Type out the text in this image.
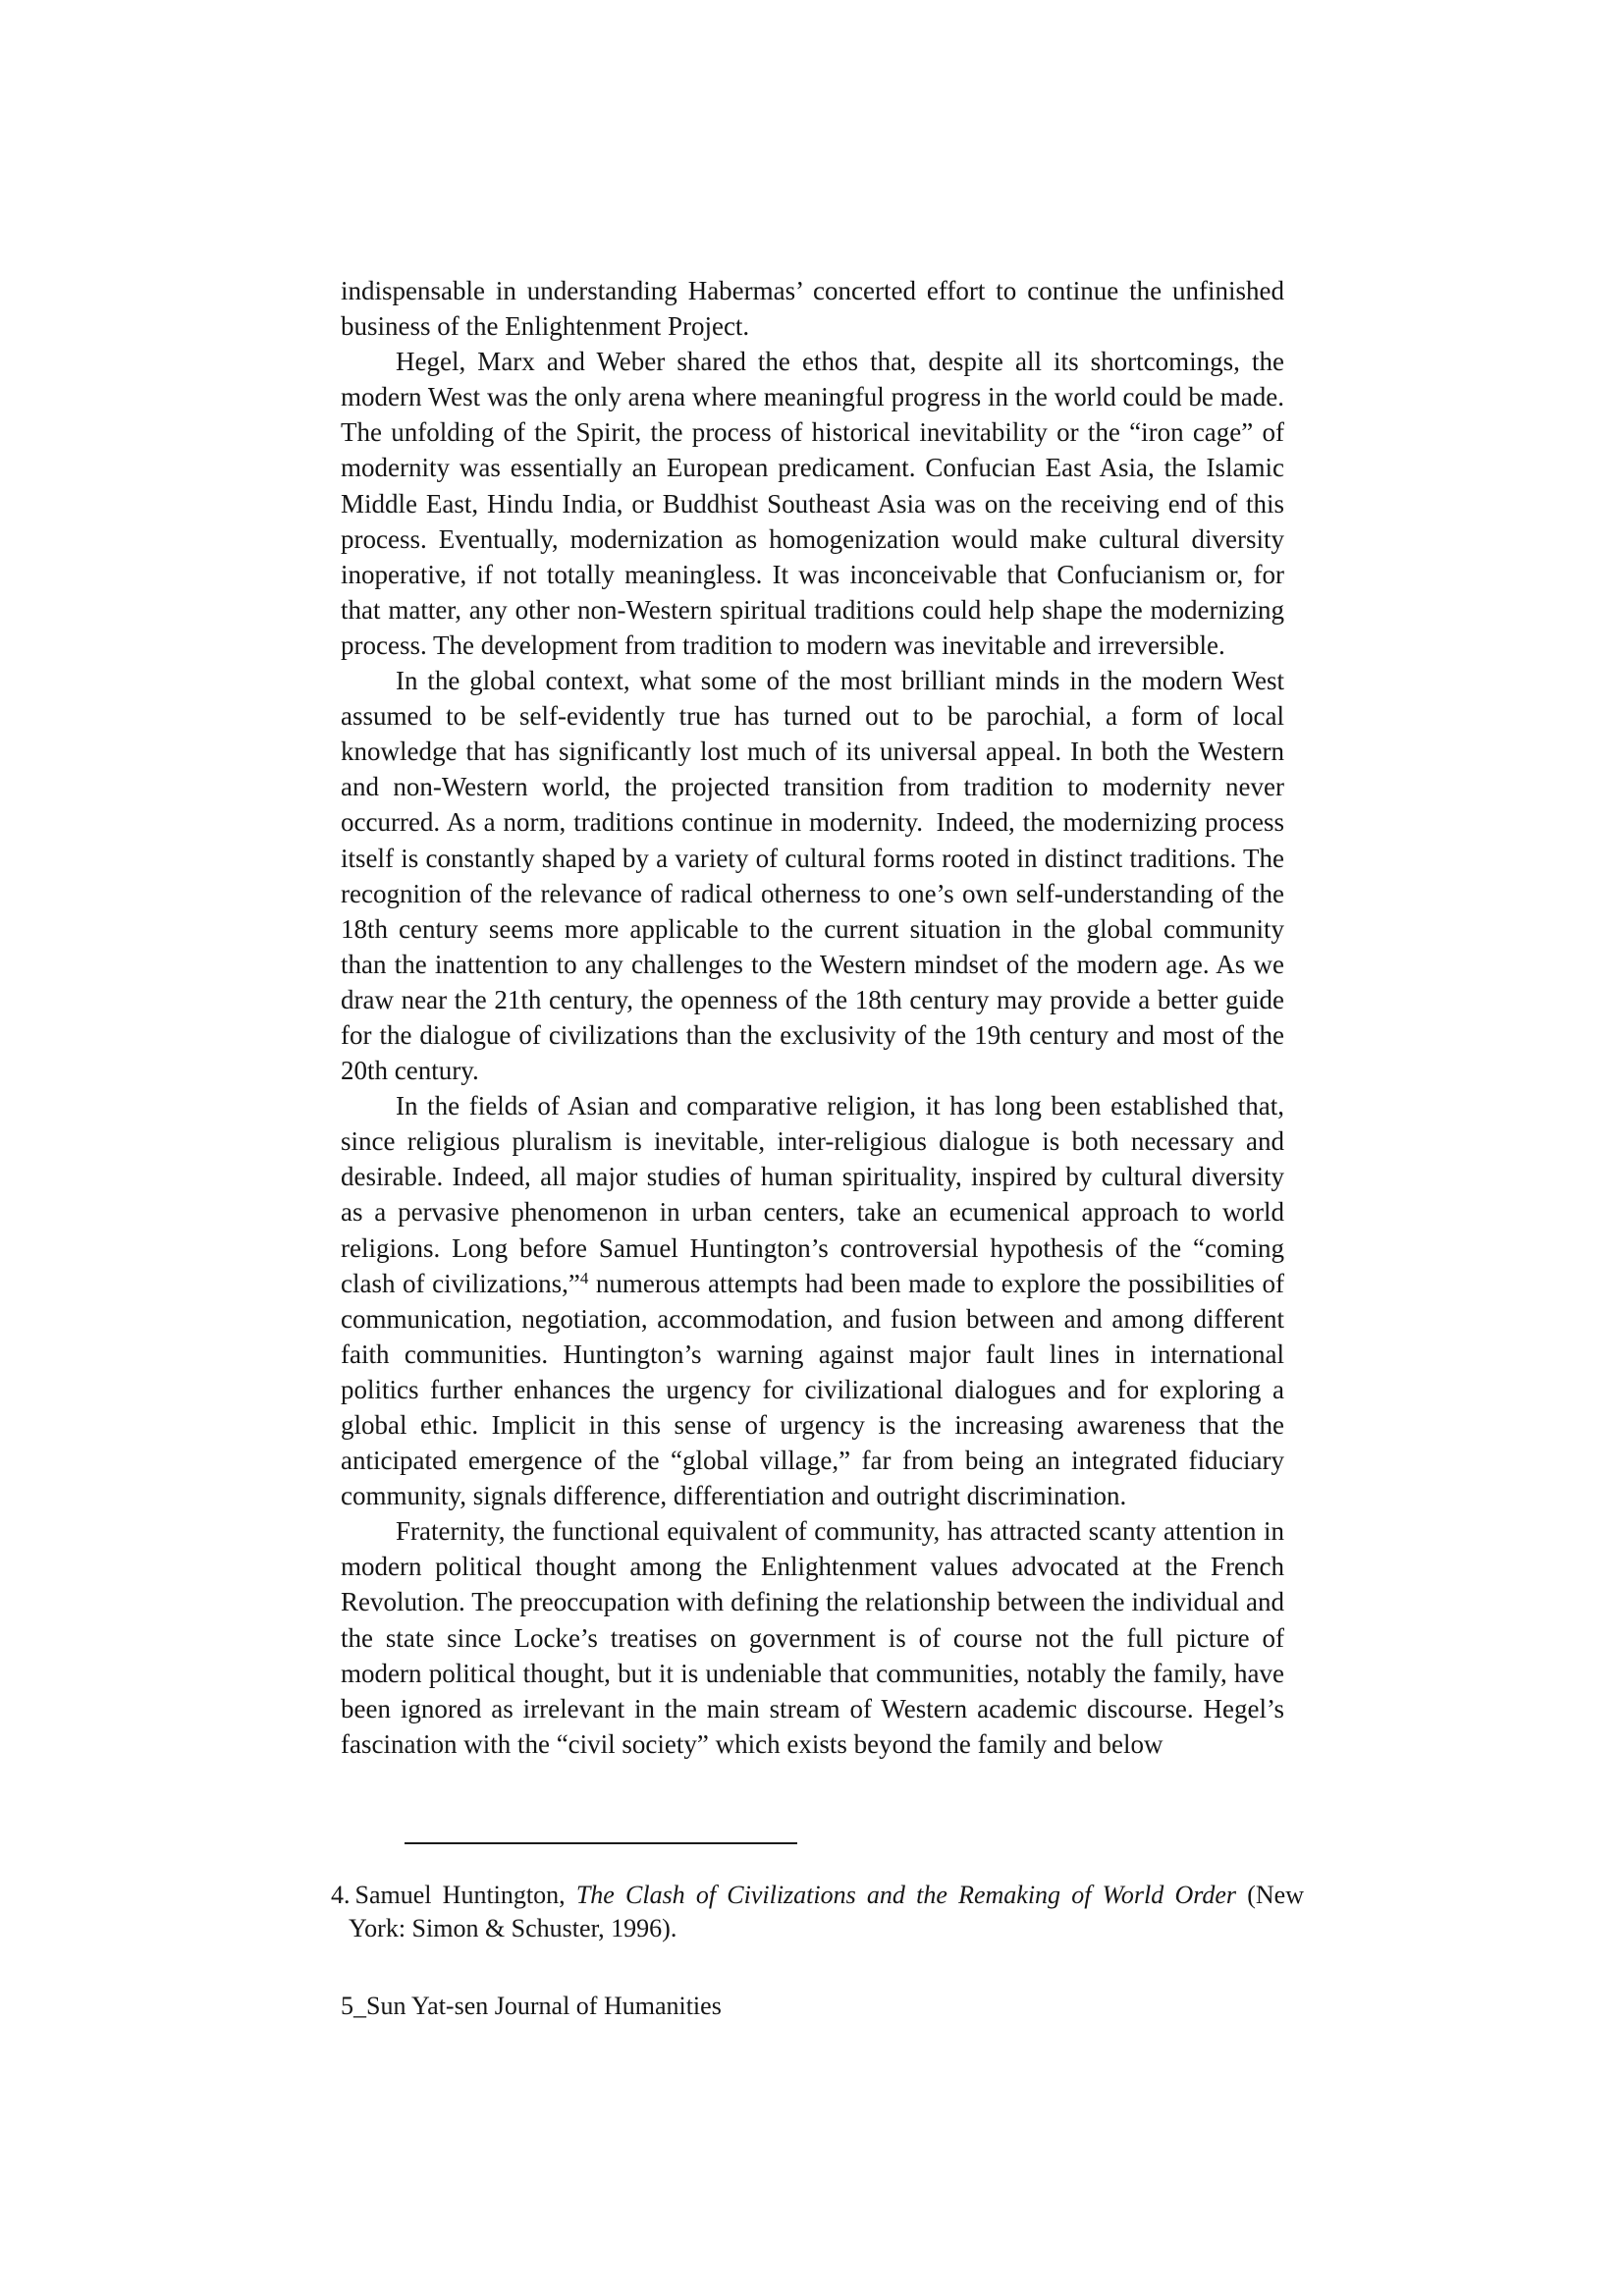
indispensable in understanding Habermas’ concerted effort to continue the unfinished business of the Enlightenment Project.

Hegel, Marx and Weber shared the ethos that, despite all its shortcomings, the modern West was the only arena where meaningful progress in the world could be made. The unfolding of the Spirit, the process of historical inevitability or the “iron cage” of modernity was essentially an European predicament. Confucian East Asia, the Islamic Middle East, Hindu India, or Buddhist Southeast Asia was on the receiving end of this process. Eventually, modernization as homogenization would make cultural diversity inoperative, if not totally meaningless. It was inconceivable that Confucianism or, for that matter, any other non-Western spiritual traditions could help shape the modernizing process. The development from tradition to modern was inevitable and irreversible.

In the global context, what some of the most brilliant minds in the modern West assumed to be self-evidently true has turned out to be parochial, a form of local knowledge that has significantly lost much of its universal appeal. In both the Western and non-Western world, the projected transition from tradition to modernity never occurred. As a norm, traditions continue in modernity. Indeed, the modernizing process itself is constantly shaped by a variety of cultural forms rooted in distinct traditions. The recognition of the relevance of radical otherness to one’s own self-understanding of the 18th century seems more applicable to the current situation in the global community than the inattention to any challenges to the Western mindset of the modern age. As we draw near the 21th century, the openness of the 18th century may provide a better guide for the dialogue of civilizations than the exclusivity of the 19th century and most of the 20th century.

In the fields of Asian and comparative religion, it has long been established that, since religious pluralism is inevitable, inter-religious dialogue is both necessary and desirable. Indeed, all major studies of human spirituality, inspired by cultural diversity as a pervasive phenomenon in urban centers, take an ecumenical approach to world religions. Long before Samuel Huntington’s controversial hypothesis of the “coming clash of civilizations,”$^4$ numerous attempts had been made to explore the possibilities of communication, negotiation, accommodation, and fusion between and among different faith communities. Huntington’s warning against major fault lines in international politics further enhances the urgency for civilizational dialogues and for exploring a global ethic. Implicit in this sense of urgency is the increasing awareness that the anticipated emergence of the “global village,” far from being an integrated fiduciary community, signals difference, differentiation and outright discrimination.

Fraternity, the functional equivalent of community, has attracted scanty attention in modern political thought among the Enlightenment values advocated at the French Revolution. The preoccupation with defining the relationship between the individual and the state since Locke’s treatises on government is of course not the full picture of modern political thought, but it is undeniable that communities, notably the family, have been ignored as irrelevant in the main stream of Western academic discourse. Hegel’s fascination with the “civil society” which exists beyond the family and below

4. Samuel Huntington, The Clash of Civilizations and the Remaking of World Order (New York: Simon & Schuster, 1996).
5_Sun Yat-sen Journal of Humanities
